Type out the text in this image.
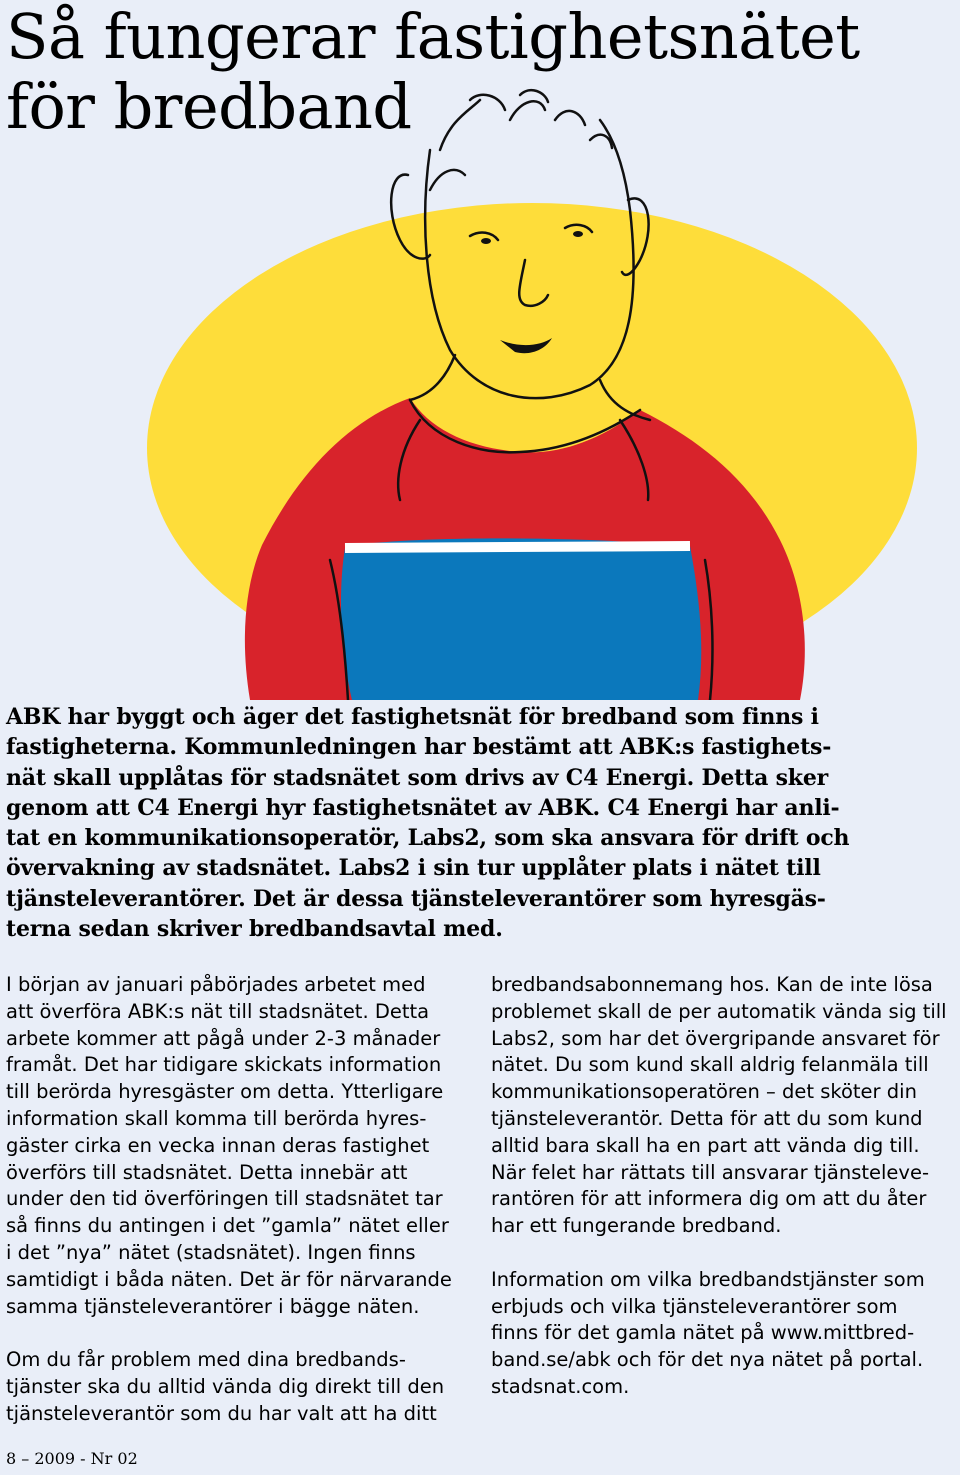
Så fungerar fastighetsnätet
för bredband
ABK har byggt och äger det fastighetsnät för bredband som finns i
fastigheterna. Kommunledningen har bestämt att ABK:s fastighets-
nät skall upplåtas för stadsnätet som drivs av C4 Energi. Detta sker
genom att C4 Energi hyr fastighetsnätet av ABK. C4 Energi har anli-
tat en kommunikationsoperatör, Labs2, som ska ansvara för drift och
övervakning av stadsnätet. Labs2 i sin tur upplåter plats i nätet till
tjänsteleverantörer. Det är dessa tjänsteleverantörer som hyresgäs-
terna sedan skriver bredbandsavtal med.

I början av januari påbörjades arbetet med
att överföra ABK:s nät till stadsnätet. Detta
arbete kommer att pågå under 2-3 månader
framåt. Det har tidigare skickats information
till berörda hyresgäster om detta. Ytterligare
information skall komma till berörda hyres-
gäster cirka en vecka innan deras fastighet
överförs till stadsnätet. Detta innebär att
under den tid överföringen till stadsnätet tar
så finns du antingen i det ”gamla” nätet eller
i det ”nya” nätet (stadsnätet). Ingen finns
samtidigt i båda näten. Det är för närvarande
samma tjänsteleverantörer i bägge näten.

Om du får problem med dina bredbands-
tjänster ska du alltid vända dig direkt till den
tjänsteleverantör som du har valt att ha ditt

bredbandsabonnemang hos. Kan de inte lösa
problemet skall de per automatik vända sig till
Labs2, som har det övergripande ansvaret för
nätet. Du som kund skall aldrig felanmäla till
kommunikationsoperatören – det sköter din
tjänsteleverantör. Detta för att du som kund
alltid bara skall ha en part att vända dig till.
När felet har rättats till ansvarar tjänsteleve-
rantören för att informera dig om att du åter
har ett fungerande bredband.

Information om vilka bredbandstjänster som
erbjuds och vilka tjänsteleverantörer som
finns för det gamla nätet på www.mittbred-
band.se/abk och för det nya nätet på portal.
stadsnat.com.

8 – 2009 - Nr 02
